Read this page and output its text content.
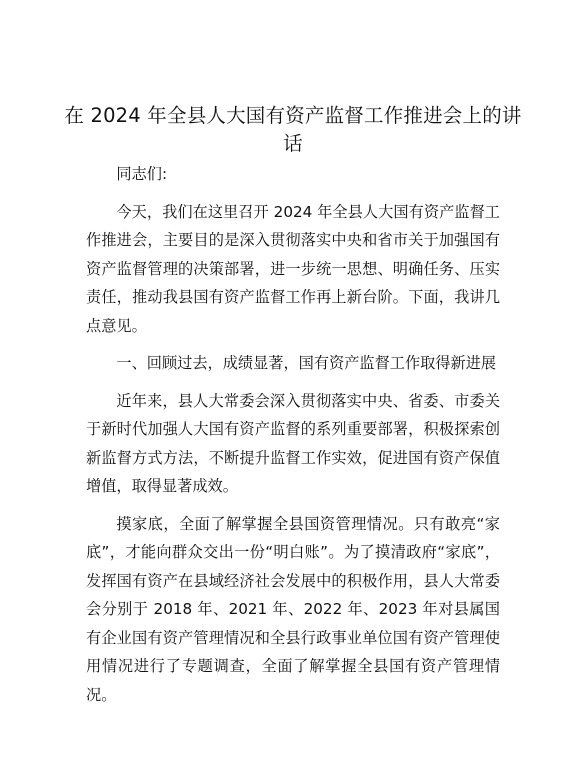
在 2024 年全县人大国有资产监督工作推进会上的讲话

同志们:

今天，我们在这里召开 2024 年全县人大国有资产监督工作推进会，主要目的是深入贯彻落实中央和省市关于加强国有资产监督管理的决策部署，进一步统一思想、明确任务、压实责任，推动我县国有资产监督工作再上新台阶。下面，我讲几点意见。

一、回顾过去，成绩显著，国有资产监督工作取得新进展

近年来，县人大常委会深入贯彻落实中央、省委、市委关于新时代加强人大国有资产监督的系列重要部署，积极探索创新监督方式方法，不断提升监督工作实效，促进国有资产保值增值，取得显著成效。

摸家底，全面了解掌握全县国资管理情况。只有敢亮“家底”，才能向群众交出一份“明白账”。为了摸清政府“家底”，发挥国有资产在县域经济社会发展中的积极作用，县人大常委会分别于 2018 年、2021 年、2022 年、2023 年对县属国有企业国有资产管理情况和全县行政事业单位国有资产管理使用情况进行了专题调查，全面了解掌握全县国有资产管理情况。
